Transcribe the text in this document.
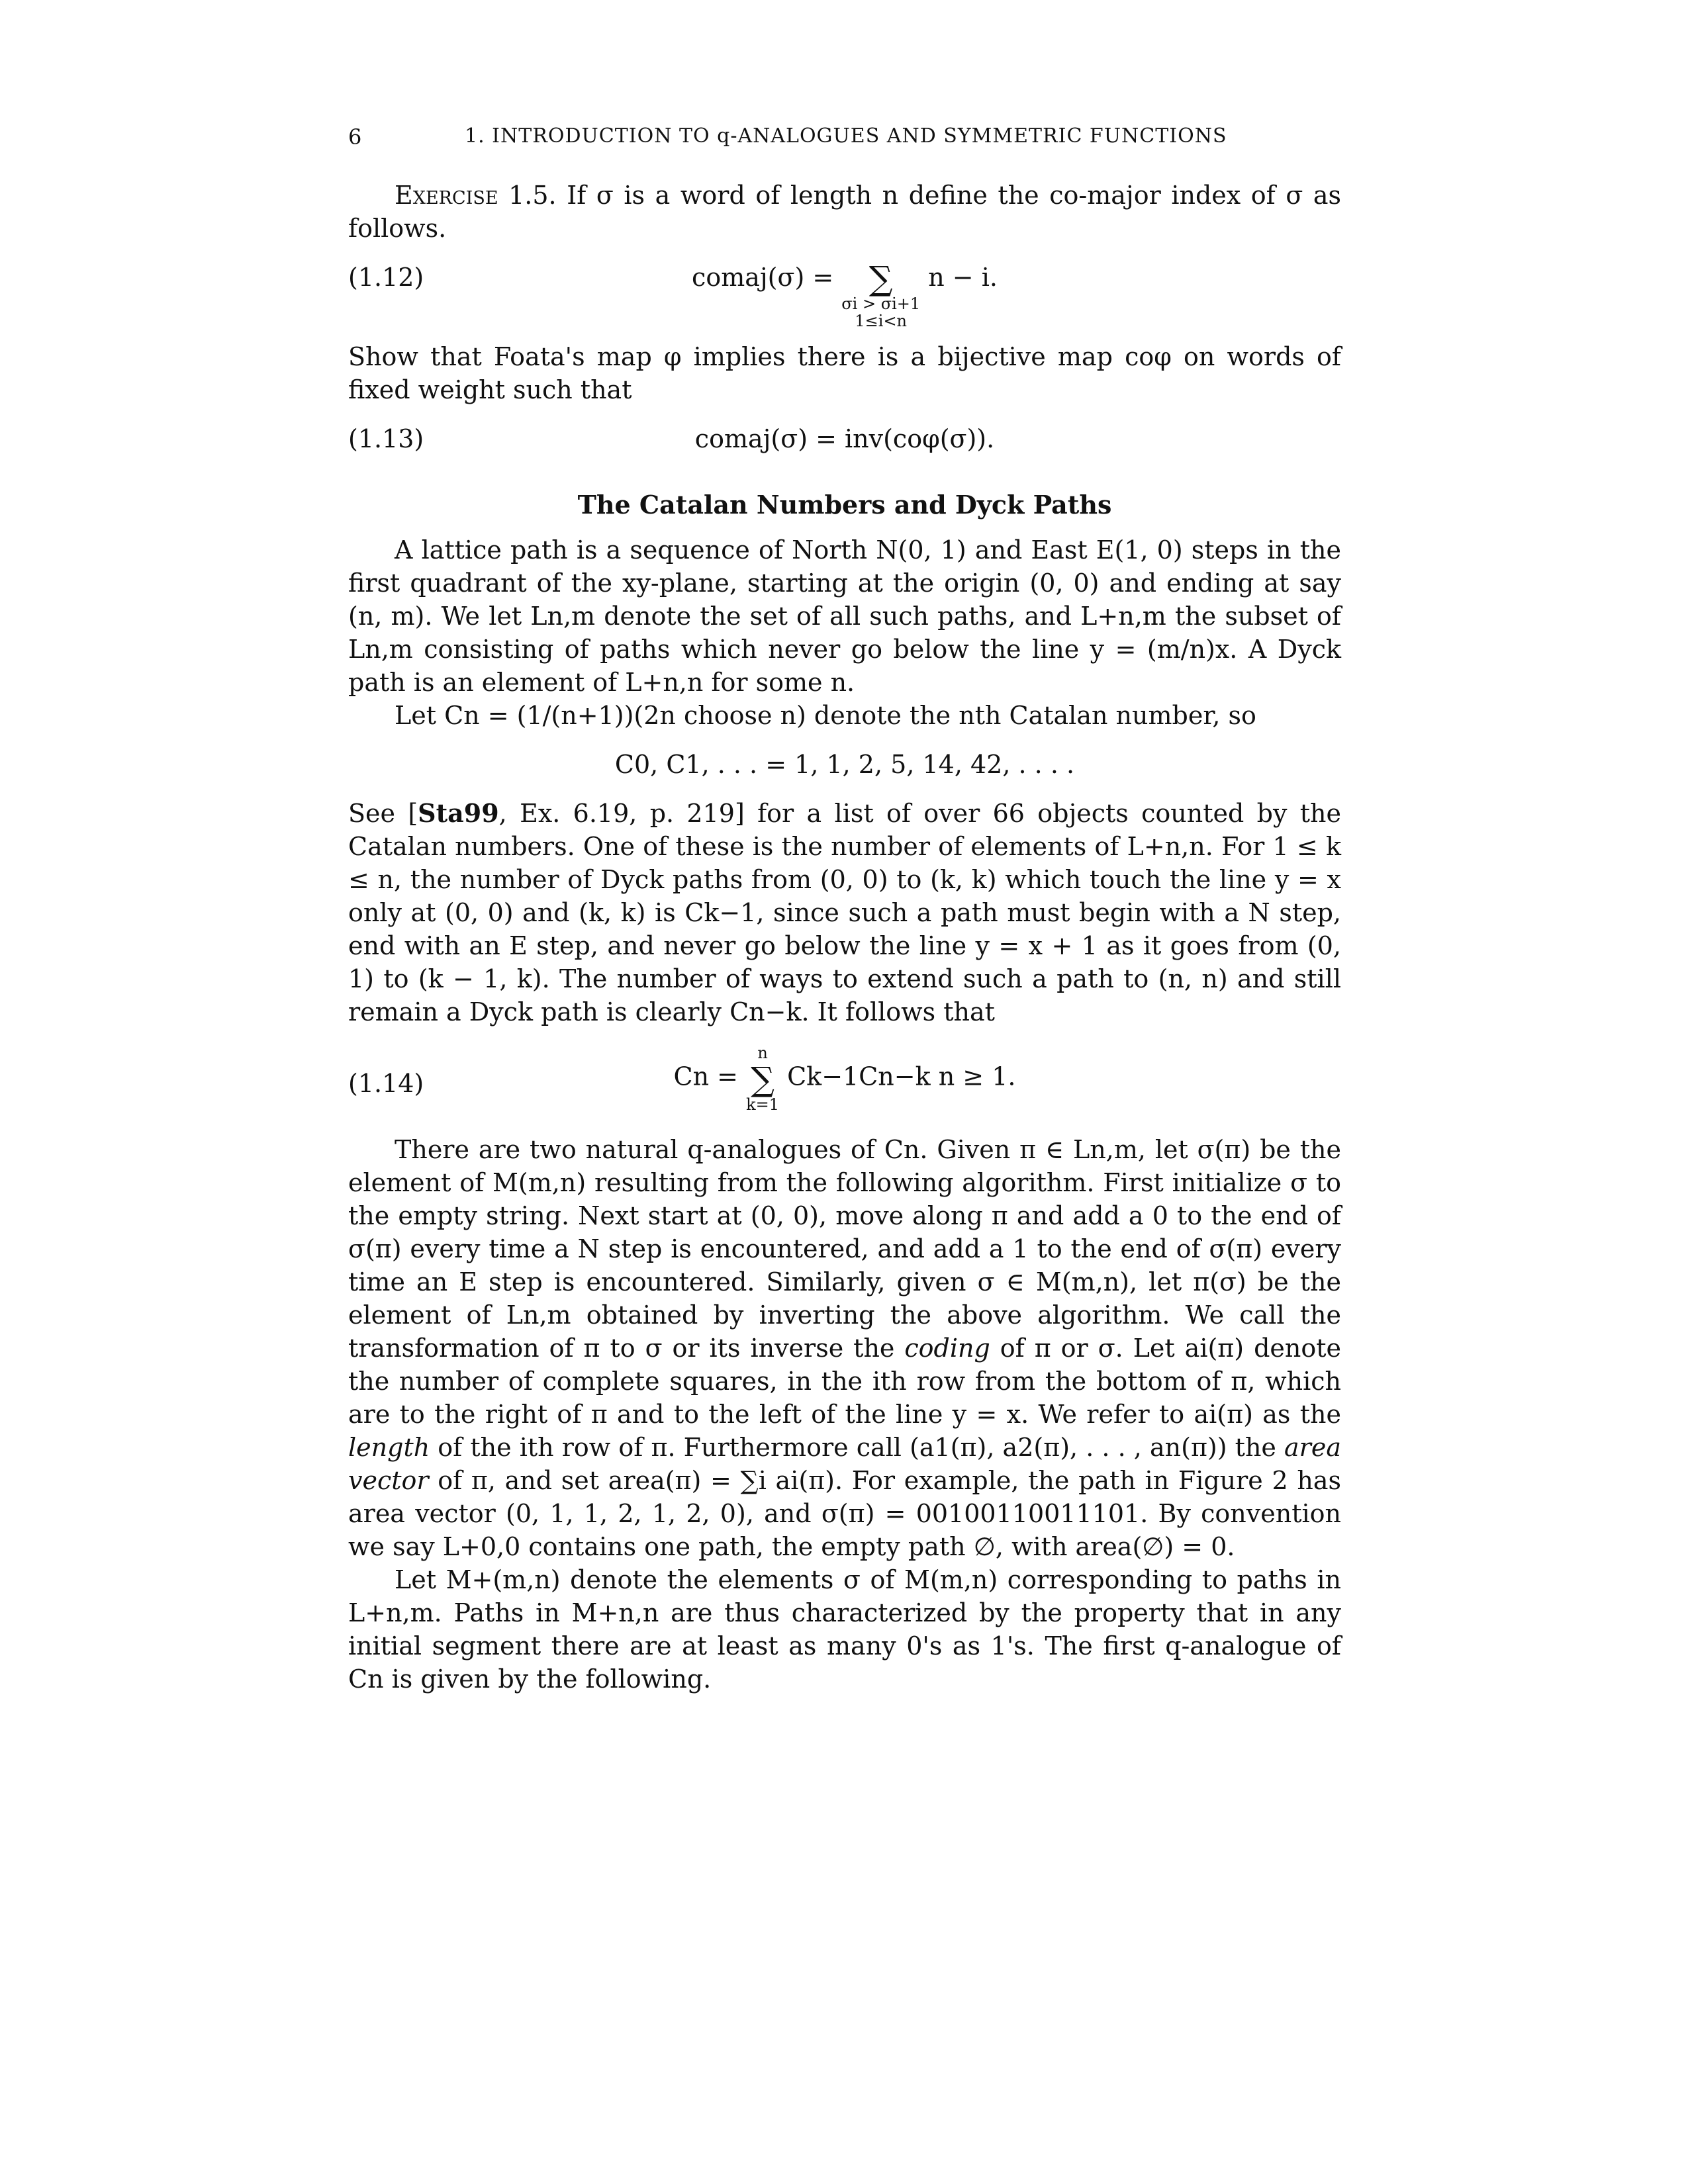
6	1. INTRODUCTION TO q-ANALOGUES AND SYMMETRIC FUNCTIONS

Exercise 1.5. If σ is a word of length n define the co-major index of σ as follows.

(1.12)	comaj(σ) = ∑
σi > σi+1
1≤i<n
n − i.

Show that Foata's map φ implies there is a bijective map coφ on words of fixed weight such that

(1.13)	comaj(σ) = inv(coφ(σ)).
The Catalan Numbers and Dyck Paths

A lattice path is a sequence of North N(0, 1) and East E(1, 0) steps in the first quadrant of the xy-plane, starting at the origin (0, 0) and ending at say (n, m). We let Ln,m denote the set of all such paths, and L+n,m the subset of Ln,m consisting of paths which never go below the line y = (m/n)x. A Dyck path is an element of L+n,n for some n.

Let Cn = (1/(n+1))(2n choose n) denote the nth Catalan number, so

C0, C1, . . . = 1, 1, 2, 5, 14, 42, . . . .

See [Sta99, Ex. 6.19, p. 219] for a list of over 66 objects counted by the Catalan numbers. One of these is the number of elements of L+n,n. For 1 ≤ k ≤ n, the number of Dyck paths from (0, 0) to (k, k) which touch the line y = x only at (0, 0) and (k, k) is Ck−1, since such a path must begin with a N step, end with an E step, and never go below the line y = x + 1 as it goes from (0, 1) to (k − 1, k). The number of ways to extend such a path to (n, n) and still remain a Dyck path is clearly Cn−k. It follows that

(1.14)	Cn =
n
∑
k=1
Ck−1Cn−k n ≥ 1.

There are two natural q-analogues of Cn. Given π ∈ Ln,m, let σ(π) be the element of M(m,n) resulting from the following algorithm. First initialize σ to the empty string. Next start at (0, 0), move along π and add a 0 to the end of σ(π) every time a N step is encountered, and add a 1 to the end of σ(π) every time an E step is encountered. Similarly, given σ ∈ M(m,n), let π(σ) be the element of Ln,m obtained by inverting the above algorithm. We call the transformation of π to σ or its inverse the coding of π or σ. Let ai(π) denote the number of complete squares, in the ith row from the bottom of π, which are to the right of π and to the left of the line y = x. We refer to ai(π) as the length of the ith row of π. Furthermore call (a1(π), a2(π), . . . , an(π)) the area vector of π, and set area(π) = ∑i ai(π). For example, the path in Figure 2 has area vector (0, 1, 1, 2, 1, 2, 0), and σ(π) = 00100110011101. By convention we say L+0,0 contains one path, the empty path ∅, with area(∅) = 0.

Let M+(m,n) denote the elements σ of M(m,n) corresponding to paths in L+n,m. Paths in M+n,n are thus characterized by the property that in any initial segment there are at least as many 0's as 1's. The first q-analogue of Cn is given by the following.
